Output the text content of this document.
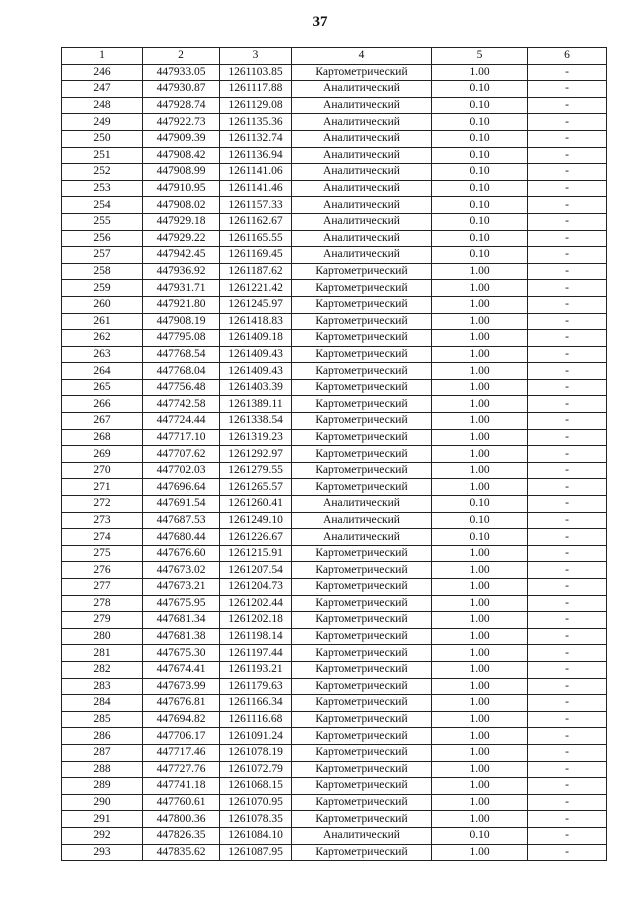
37
1	2	3	4	5	6
246	447933.05	1261103.85	Картометрический	1.00	-
247	447930.87	1261117.88	Аналитический	0.10	-
248	447928.74	1261129.08	Аналитический	0.10	-
249	447922.73	1261135.36	Аналитический	0.10	-
250	447909.39	1261132.74	Аналитический	0.10	-
251	447908.42	1261136.94	Аналитический	0.10	-
252	447908.99	1261141.06	Аналитический	0.10	-
253	447910.95	1261141.46	Аналитический	0.10	-
254	447908.02	1261157.33	Аналитический	0.10	-
255	447929.18	1261162.67	Аналитический	0.10	-
256	447929.22	1261165.55	Аналитический	0.10	-
257	447942.45	1261169.45	Аналитический	0.10	-
258	447936.92	1261187.62	Картометрический	1.00	-
259	447931.71	1261221.42	Картометрический	1.00	-
260	447921.80	1261245.97	Картометрический	1.00	-
261	447908.19	1261418.83	Картометрический	1.00	-
262	447795.08	1261409.18	Картометрический	1.00	-
263	447768.54	1261409.43	Картометрический	1.00	-
264	447768.04	1261409.43	Картометрический	1.00	-
265	447756.48	1261403.39	Картометрический	1.00	-
266	447742.58	1261389.11	Картометрический	1.00	-
267	447724.44	1261338.54	Картометрический	1.00	-
268	447717.10	1261319.23	Картометрический	1.00	-
269	447707.62	1261292.97	Картометрический	1.00	-
270	447702.03	1261279.55	Картометрический	1.00	-
271	447696.64	1261265.57	Картометрический	1.00	-
272	447691.54	1261260.41	Аналитический	0.10	-
273	447687.53	1261249.10	Аналитический	0.10	-
274	447680.44	1261226.67	Аналитический	0.10	-
275	447676.60	1261215.91	Картометрический	1.00	-
276	447673.02	1261207.54	Картометрический	1.00	-
277	447673.21	1261204.73	Картометрический	1.00	-
278	447675.95	1261202.44	Картометрический	1.00	-
279	447681.34	1261202.18	Картометрический	1.00	-
280	447681.38	1261198.14	Картометрический	1.00	-
281	447675.30	1261197.44	Картометрический	1.00	-
282	447674.41	1261193.21	Картометрический	1.00	-
283	447673.99	1261179.63	Картометрический	1.00	-
284	447676.81	1261166.34	Картометрический	1.00	-
285	447694.82	1261116.68	Картометрический	1.00	-
286	447706.17	1261091.24	Картометрический	1.00	-
287	447717.46	1261078.19	Картометрический	1.00	-
288	447727.76	1261072.79	Картометрический	1.00	-
289	447741.18	1261068.15	Картометрический	1.00	-
290	447760.61	1261070.95	Картометрический	1.00	-
291	447800.36	1261078.35	Картометрический	1.00	-
292	447826.35	1261084.10	Аналитический	0.10	-
293	447835.62	1261087.95	Картометрический	1.00	-
